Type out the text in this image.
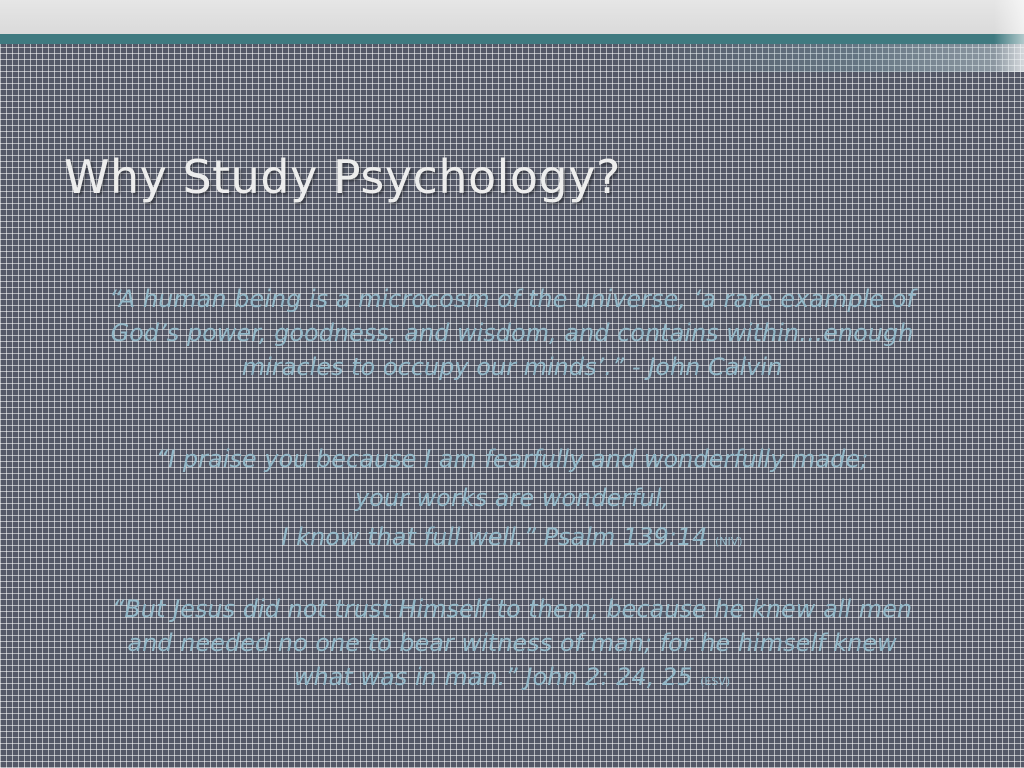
Why Study Psychology?

“A human being is a microcosm of the universe, ‘a rare example of
God’s power, goodness, and wisdom, and contains within…enough
miracles to occupy our minds’.” - John Calvin

“I praise you because I am fearfully and wonderfully made;
your works are wonderful,
I know that full well.” Psalm 139:14 (NIV)

“But Jesus did not trust Himself to them, because he knew all men
and needed no one to bear witness of man; for he himself knew
what was in man.” John 2: 24, 25 (ESV)
